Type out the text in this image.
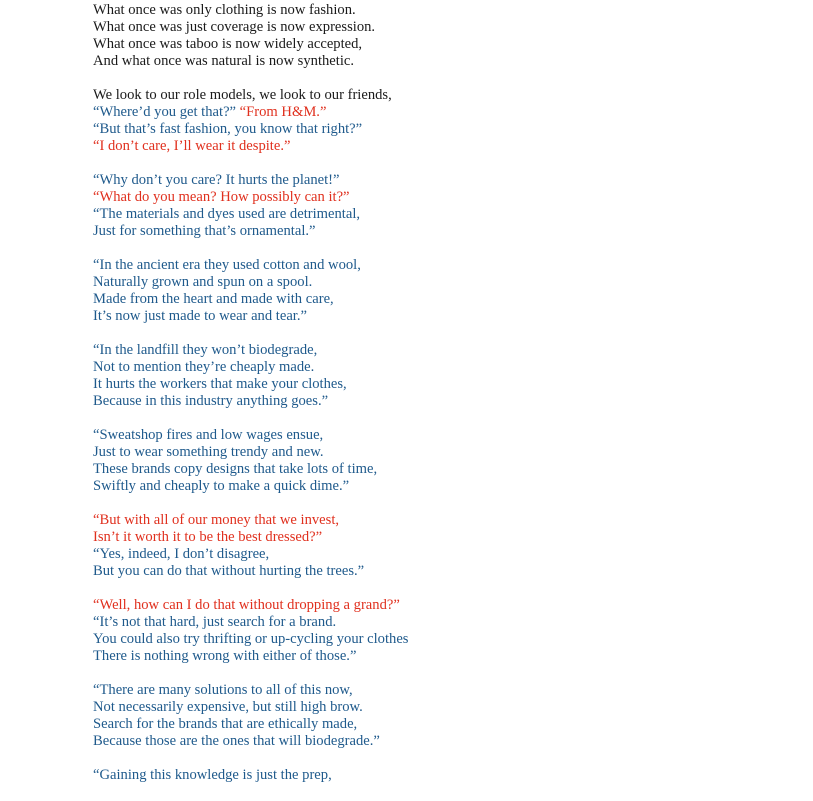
What once was only clothing is now fashion.
What once was just coverage is now expression.
What once was taboo is now widely accepted,
And what once was natural is now synthetic.
We look to our role models, we look to our friends,
“Where’d you get that?” “From H&M.”
“But that’s fast fashion, you know that right?”
“I don’t care, I’ll wear it despite.”
“Why don’t you care? It hurts the planet!”
“What do you mean? How possibly can it?”
“The materials and dyes used are detrimental,
Just for something that’s ornamental.”
“In the ancient era they used cotton and wool,
Naturally grown and spun on a spool.
Made from the heart and made with care,
It’s now just made to wear and tear.”
“In the landfill they won’t biodegrade,
Not to mention they’re cheaply made.
It hurts the workers that make your clothes,
Because in this industry anything goes.”
“Sweatshop fires and low wages ensue,
Just to wear something trendy and new.
These brands copy designs that take lots of time,
Swiftly and cheaply to make a quick dime.”
“But with all of our money that we invest,
Isn’t it worth it to be the best dressed?”
“Yes, indeed, I don’t disagree,
But you can do that without hurting the trees.”
“Well, how can I do that without dropping a grand?”
“It’s not that hard, just search for a brand.
You could also try thrifting or up-cycling your clothes
There is nothing wrong with either of those.”
“There are many solutions to all of this now,
Not necessarily expensive, but still high brow.
Search for the brands that are ethically made,
Because those are the ones that will biodegrade.”
“Gaining this knowledge is just the prep,
